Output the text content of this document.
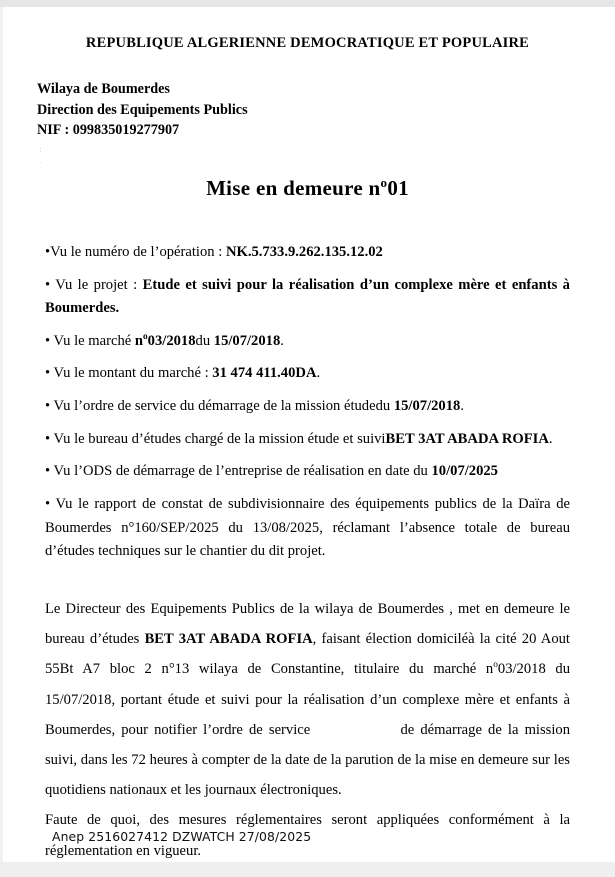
REPUBLIQUE ALGERIENNE DEMOCRATIQUE ET POPULAIRE
Wilaya de Boumerdes
Direction des Equipements Publics
NIF : 099835019277907
:
.
Mise en demeure $n^o01$

•Vu le numéro de l’opération : NK.5.733.9.262.135.12.02

• Vu le projet : Etude et suivi pour la réalisation d’un complexe mère et enfants à Boumerdes.

• Vu le marché $n^o03/2018du$ 15/07/2018.

• Vu le montant du marché : 31 474 411.40DA.

• Vu l’ordre de service du démarrage de la mission étudedu 15/07/2018.

• Vu le bureau d’études chargé de la mission étude et suiviBET 3AT ABADA ROFIA.

• Vu l’ODS de démarrage de l’entreprise de réalisation en date du 10/07/2025

• Vu le rapport de constat de subdivisionnaire des équipements publics de la Daïra de Boumerdes n°160/SEP/2025 du 13/08/2025, réclamant l’absence totale de bureau d’études techniques sur le chantier du dit projet.

Le Directeur des Equipements Publics de la wilaya de Boumerdes , met en demeure le bureau d’études BET 3AT ABADA ROFIA, faisant élection domiciléà la cité 20 Aout 55Bt A7 bloc 2 n°13 wilaya de Constantine, titulaire du marché $n^o03/2018$ du 15/07/2018, portant étude et suivi pour la réalisation d’un complexe mère et enfants à Boumerdes, pour notifier l’ordre de service	de démarrage de la mission suivi, dans les 72 heures à compter de la date de la parution de la mise en demeure sur les quotidiens nationaux et les journaux électroniques.

Faute de quoi, des mesures réglementaires seront appliquées conformément à la réglementation en vigueur.

Anep 2516027412 DZWATCH 27/08/2025
